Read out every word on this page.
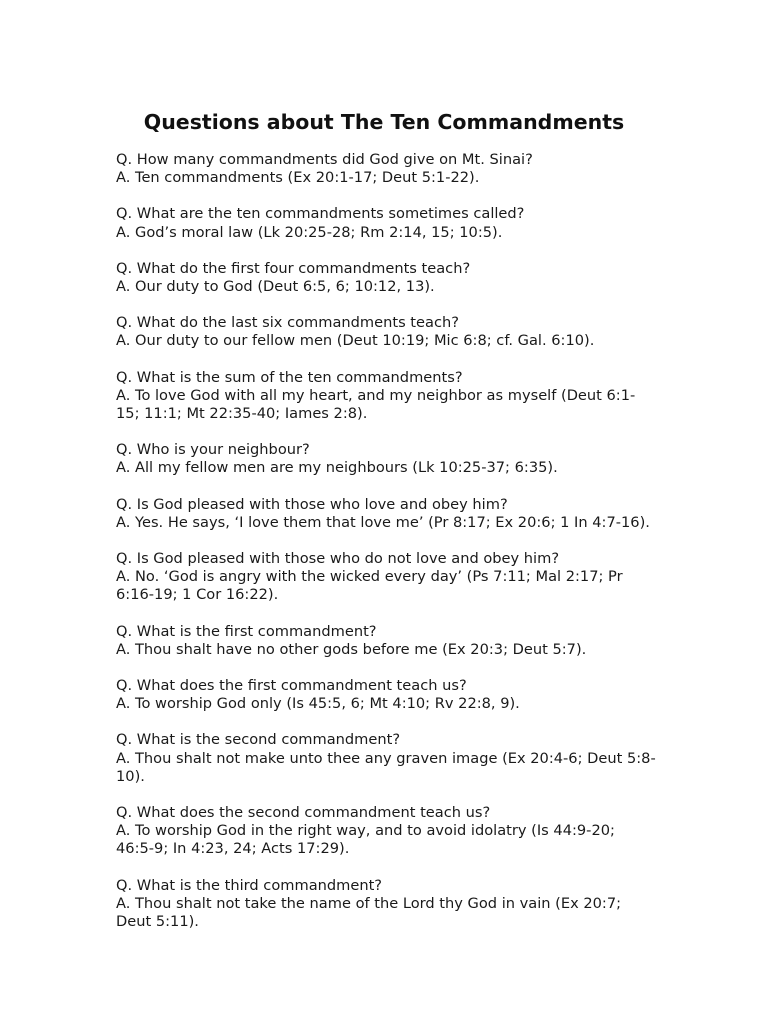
Questions about The Ten Commandments

Q. How many commandments did God give on Mt. Sinai?

A. Ten commandments (Ex 20:1-17; Deut 5:1-22).

Q. What are the ten commandments sometimes called?

A. God’s moral law (Lk 20:25-28; Rm 2:14, 15; 10:5).

Q. What do the first four commandments teach?

A. Our duty to God (Deut 6:5, 6; 10:12, 13).

Q. What do the last six commandments teach?

A. Our duty to our fellow men (Deut 10:19; Mic 6:8; cf. Gal. 6:10).

Q. What is the sum of the ten commandments?

A. To love God with all my heart, and my neighbor as myself (Deut 6:1-15; 11:1; Mt 22:35-40; Iames 2:8).

Q. Who is your neighbour?

A. All my fellow men are my neighbours (Lk 10:25-37; 6:35).

Q. Is God pleased with those who love and obey him?

A. Yes. He says, ‘I love them that love me’ (Pr 8:17; Ex 20:6; 1 In 4:7-16).

Q. Is God pleased with those who do not love and obey him?

A. No. ‘God is angry with the wicked every day’ (Ps 7:11; Mal 2:17; Pr 6:16-19; 1 Cor 16:22).

Q. What is the first commandment?

A. Thou shalt have no other gods before me (Ex 20:3; Deut 5:7).

Q. What does the first commandment teach us?

A. To worship God only (Is 45:5, 6; Mt 4:10; Rv 22:8, 9).

Q. What is the second commandment?

A. Thou shalt not make unto thee any graven image (Ex 20:4-6; Deut 5:8-10).

Q. What does the second commandment teach us?

A. To worship God in the right way, and to avoid idolatry (Is 44:9-20; 46:5-9; In 4:23, 24; Acts 17:29).

Q. What is the third commandment?

A. Thou shalt not take the name of the Lord thy God in vain (Ex 20:7; Deut 5:11).
